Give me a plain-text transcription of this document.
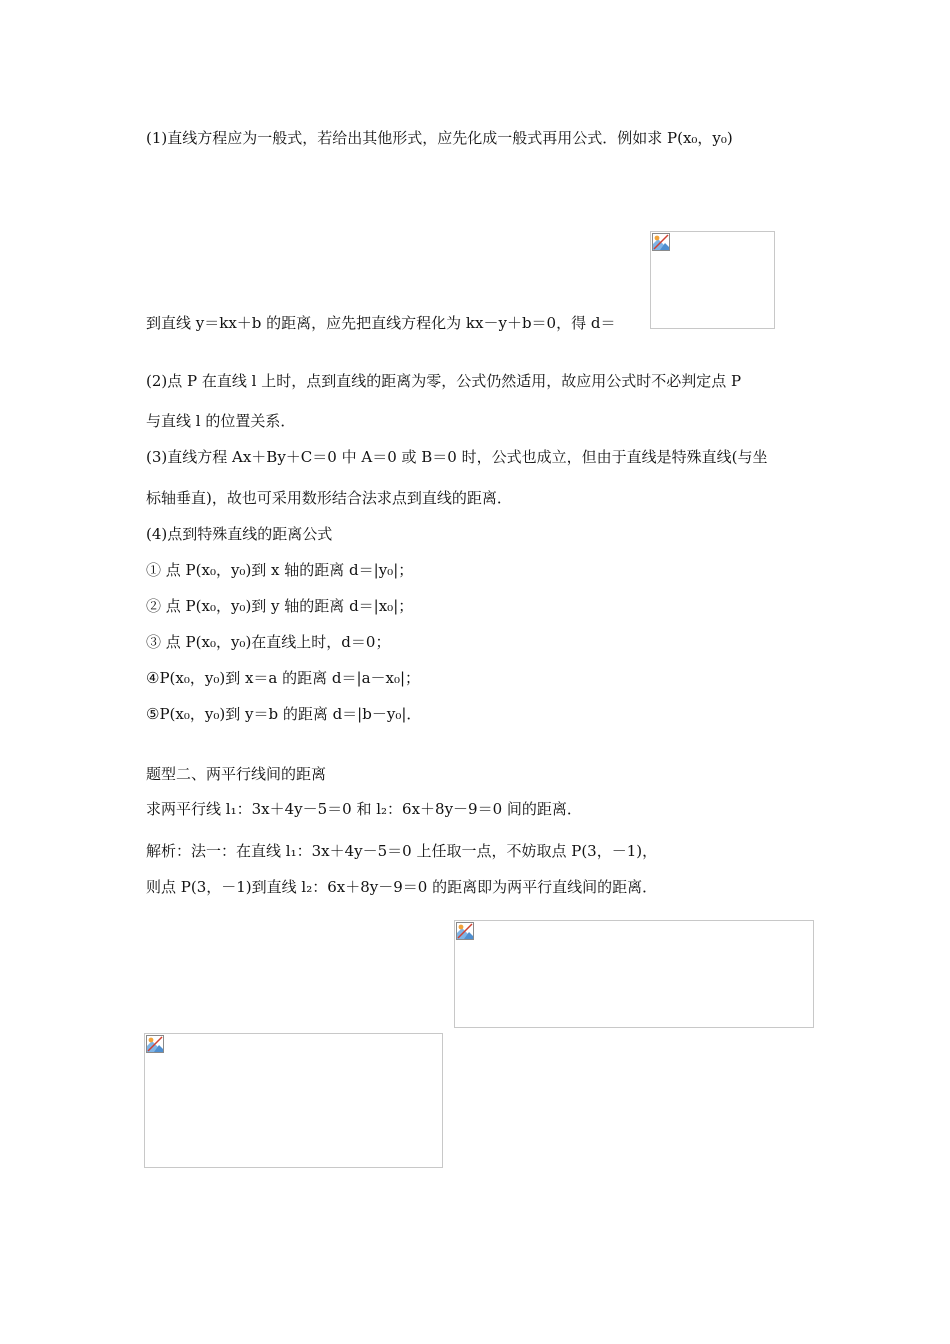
(1)直线方程应为一般式，若给出其他形式，应先化成一般式再用公式．例如求 P(x₀，y₀)
到直线 y＝kx＋b 的距离，应先把直线方程化为 kx－y＋b＝0，得 d＝
(2)点 P 在直线 l 上时，点到直线的距离为零，公式仍然适用，故应用公式时不必判定点 P
与直线 l 的位置关系．
(3)直线方程 Ax＋By＋C＝0 中 A＝0 或 B＝0 时，公式也成立，但由于直线是特殊直线(与坐
标轴垂直)，故也可采用数形结合法求点到直线的距离．
(4)点到特殊直线的距离公式
① 点 P(x₀，y₀)到 x 轴的距离 d＝|y₀|；
② 点 P(x₀，y₀)到 y 轴的距离 d＝|x₀|；
③ 点 P(x₀，y₀)在直线上时，d＝0；
④P(x₀，y₀)到 x＝a 的距离 d＝|a－x₀|；
⑤P(x₀，y₀)到 y＝b 的距离 d＝|b－y₀|．
题型二、两平行线间的距离
求两平行线 l₁：3x＋4y－5＝0 和 l₂：6x＋8y－9＝0 间的距离．
解析：法一：在直线 l₁：3x＋4y－5＝0 上任取一点，不妨取点 P(3，－1)，
则点 P(3，－1)到直线 l₂：6x＋8y－9＝0 的距离即为两平行直线间的距离．
